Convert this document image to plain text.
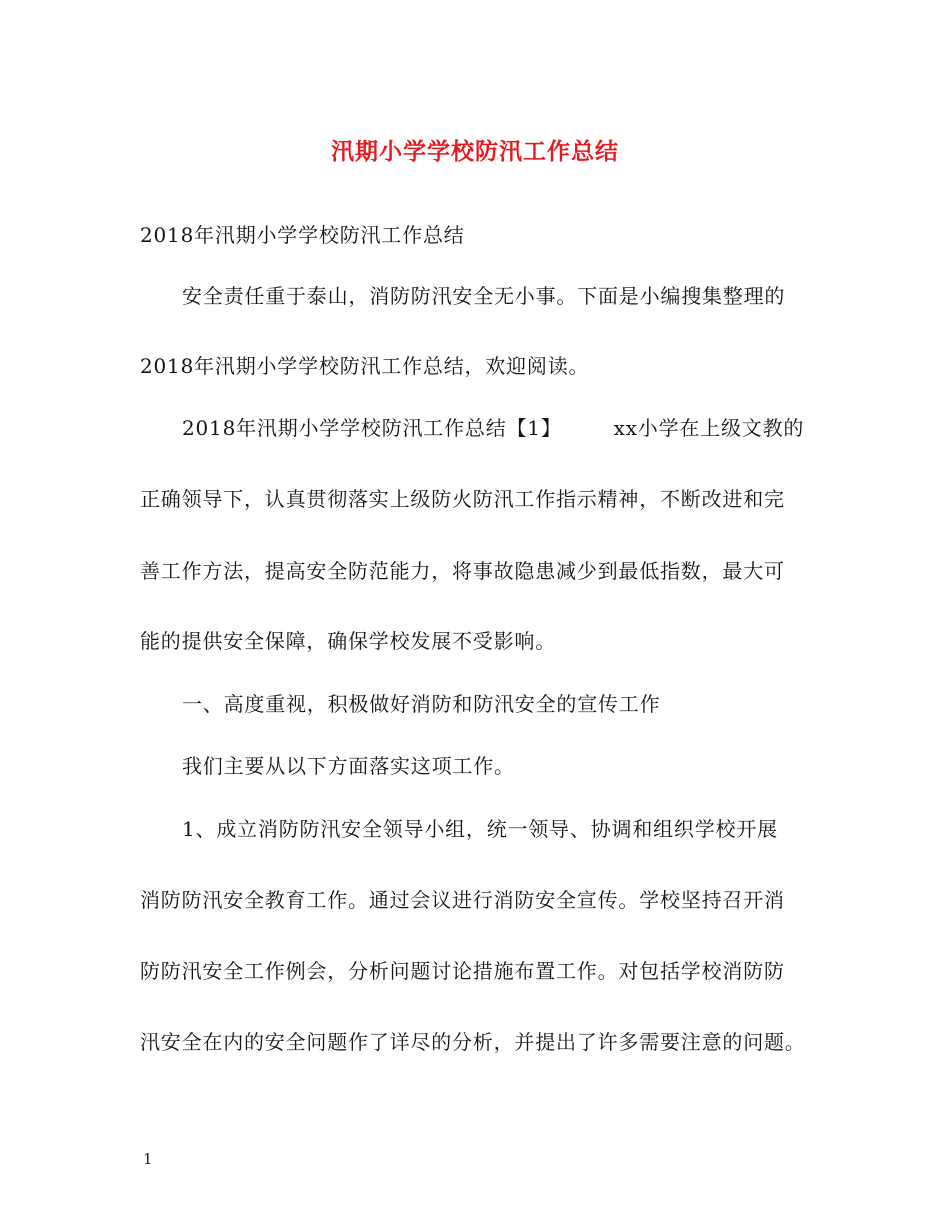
汛期小学学校防汛工作总结
2018年汛期小学学校防汛工作总结
安全责任重于泰山，消防防汛安全无小事。下面是小编搜集整理的
2018年汛期小学学校防汛工作总结，欢迎阅读。
2018年汛期小学学校防汛工作总结【1】	xx小学在上级文教的
正确领导下，认真贯彻落实上级防火防汛工作指示精神，不断改进和完
善工作方法，提高安全防范能力，将事故隐患减少到最低指数，最大可
能的提供安全保障，确保学校发展不受影响。
一、高度重视，积极做好消防和防汛安全的宣传工作
我们主要从以下方面落实这项工作。
1、成立消防防汛安全领导小组，统一领导、协调和组织学校开展
消防防汛安全教育工作。通过会议进行消防安全宣传。学校坚持召开消
防防汛安全工作例会，分析问题讨论措施布置工作。对包括学校消防防
汛安全在内的安全问题作了详尽的分析，并提出了许多需要注意的问题。
1
